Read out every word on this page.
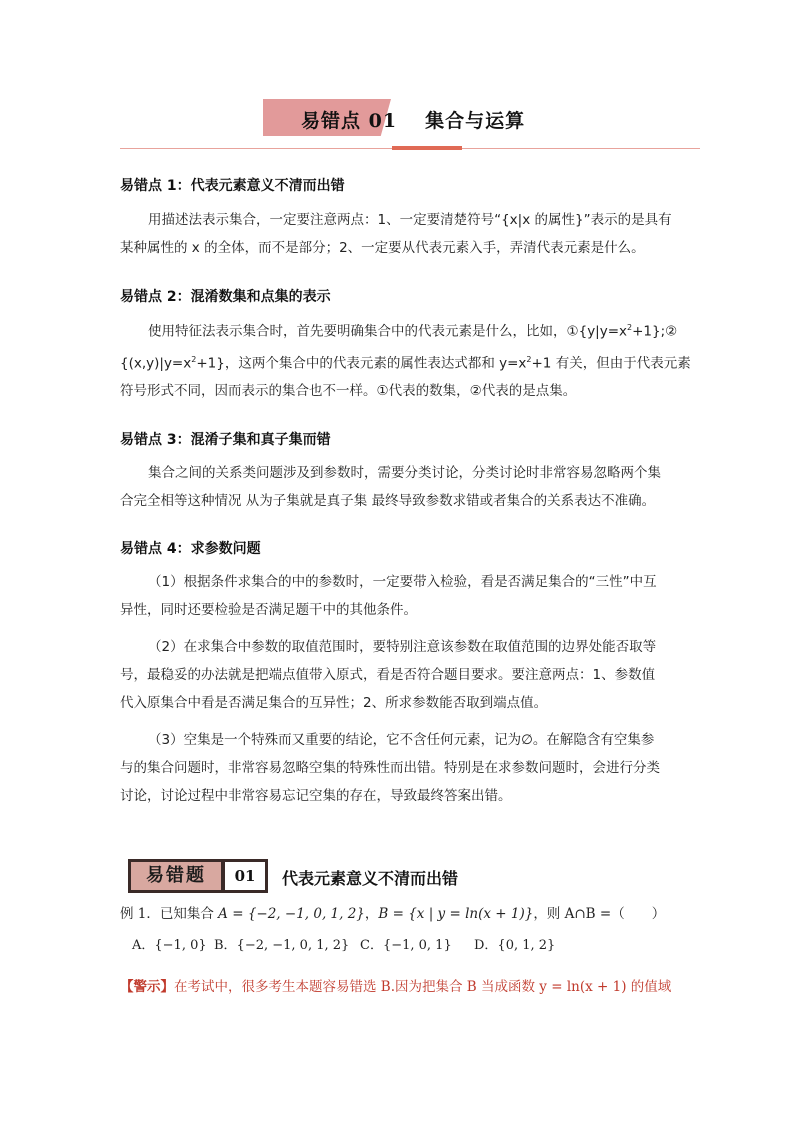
易错点 01 集合与运算
易错点 1：代表元素意义不清而出错
用描述法表示集合，一定要注意两点：1、一定要清楚符号“{x|x 的属性}”表示的是具有
某种属性的 x 的全体，而不是部分；2、一定要从代表元素入手，弄清代表元素是什么。
易错点 2：混淆数集和点集的表示
使用特征法表示集合时，首先要明确集合中的代表元素是什么，比如，$①\{y|y=x^2+1\};②$
$\{(x,y)|y=x^2+1\}$，这两个集合中的代表元素的属性表达式都和 $y=x^2+1$ 有关，但由于代表元素
符号形式不同，因而表示的集合也不一样。①代表的数集，②代表的是点集。
易错点 3：混淆子集和真子集而错
集合之间的关系类问题涉及到参数时，需要分类讨论，分类讨论时非常容易忽略两个集
合完全相等这种情况 从为子集就是真子集 最终导致参数求错或者集合的关系表达不准确。
易错点 4：求参数问题
（1）根据条件求集合的中的参数时，一定要带入检验，看是否满足集合的“三性”中互
异性，同时还要检验是否满足题干中的其他条件。
（2）在求集合中参数的取值范围时，要特别注意该参数在取值范围的边界处能否取等
号，最稳妥的办法就是把端点值带入原式，看是否符合题目要求。要注意两点：1、参数值
代入原集合中看是否满足集合的互异性；2、所求参数能否取到端点值。
（3）空集是一个特殊而又重要的结论，它不含任何元素，记为∅。在解隐含有空集参
与的集合问题时，非常容易忽略空集的特殊性而出错。特别是在求参数问题时，会进行分类
讨论，讨论过程中非常容易忘记空集的存在，导致最终答案出错。
易错题	01	代表元素意义不清而出错
例 1．已知集合 A = {−2, −1, 0, 1, 2}，B = {x | y = ln(x + 1)}，则 A∩B =（　　）
A．{−1, 0} B．{−2, −1, 0, 1, 2} C．{−1, 0, 1} D．{0, 1, 2}
【警示】在考试中，很多考生本题容易错选 B.因为把集合 B 当成函数 y = ln(x + 1) 的值域
